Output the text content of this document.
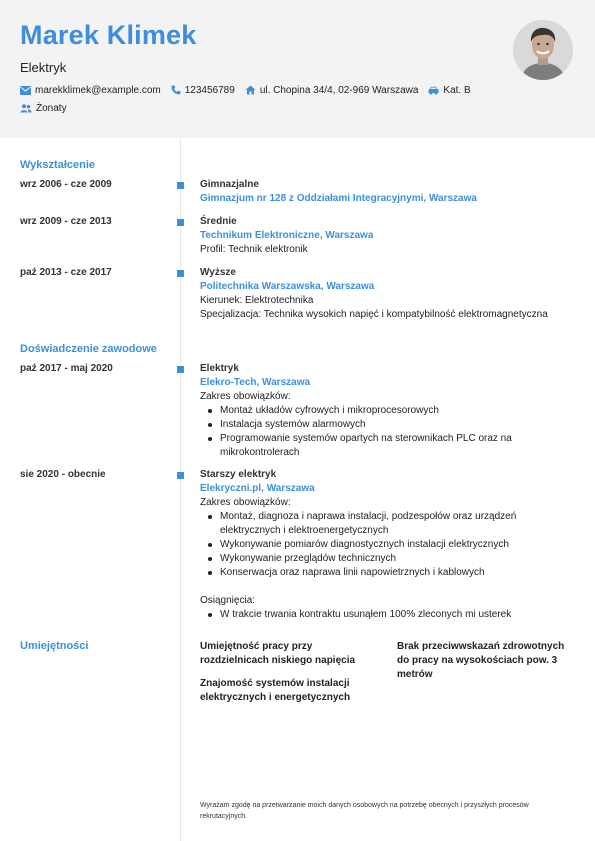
Marek Klimek
Elektryk
marekklimek@example.com 123456789	ul. Chopina 34/4, 02-969 Warszawa	Kat. B
Żonaty
Wykształcenie
wrz 2006 - cze 2009	Gimnazjalne
Gimnazjum nr 128 z Oddziałami Integracyjnymi, Warszawa
wrz 2009 - cze 2013	Średnie
Technikum Elektroniczne, Warszawa
Profil: Technik elektronik
paź 2013 - cze 2017	Wyższe
Politechnika Warszawska, Warszawa
Kierunek: Elektrotechnika
Specjalizacja: Technika wysokich napięć i kompatybilność elektromagnetyczna
Doświadczenie zawodowe
paź 2017 - maj 2020	Elektryk
Elekro-Tech, Warszawa
Zakres obowiązków:
Montaż układów cyfrowych i mikroprocesorowych
Instalacja systemów alarmowych
Programowanie systemów opartych na sterownikach PLC oraz na mikrokontrolerach
sie 2020 - obecnie	Starszy elektryk
Elekryczni.pl, Warszawa
Zakres obowiązków:
Montaż, diagnoza i naprawa instalacji, podzespołów oraz urządzeń elektrycznych i elektroenergetycznych
Wykonywanie pomiarów diagnostycznych instalacji elektrycznych
Wykonywanie przeglądów technicznych
Konserwacja oraz naprawa linii napowietrznych i kablowych
Osiągnięcia:
W trakcie trwania kontraktu usunąłem 100% zleconych mi usterek
Umiejętności	Umiejętność pracy przy rozdzielnicach niskiego napięcia
Brak przeciwwskazań zdrowotnych do pracy na wysokościach pow. 3 metrów
Znajomość systemów instalacji elektrycznych i energetycznych
Wyrażam zgodę na przetwarzanie moich danych osobowych na potrzebę obecnych i przyszłych procesów rekrutacyjnych.
